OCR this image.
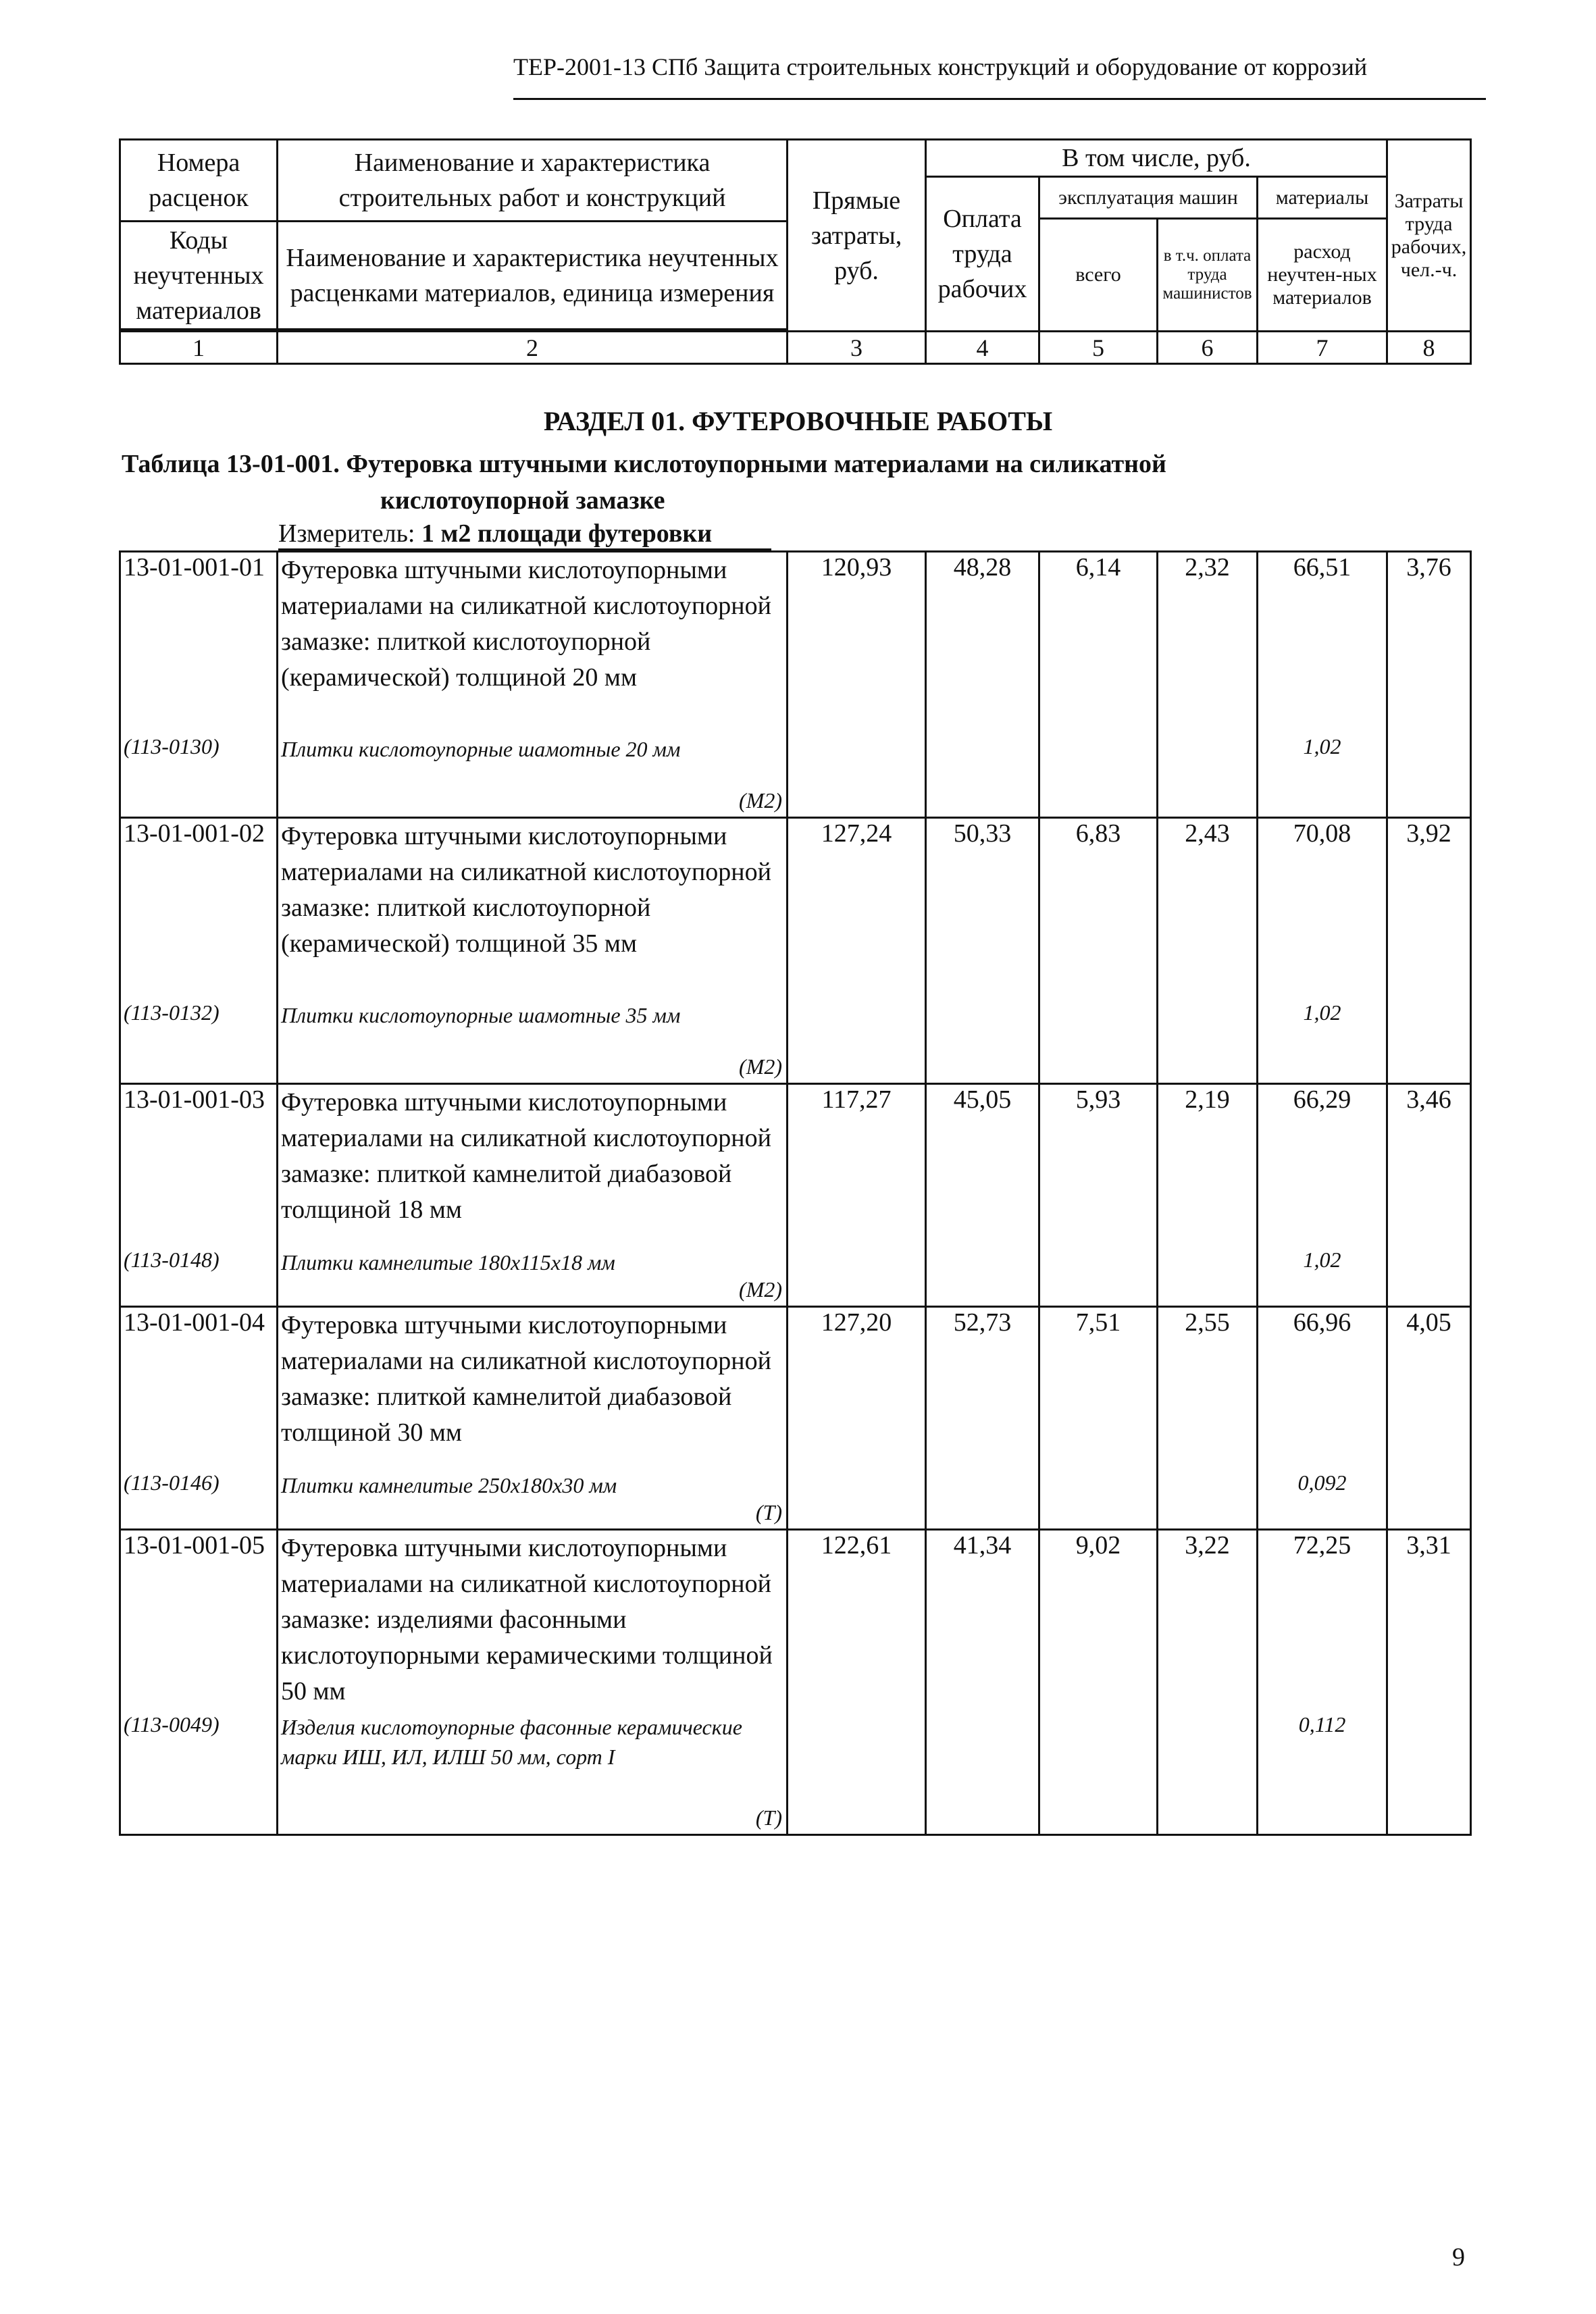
ТЕР-2001-13 СПб Защита строительных конструкций и оборудование от коррозий
Номера расценок	Наименование и характеристика строительных работ и конструкций	Прямые затраты, руб.	В том числе, руб.				Затраты труда рабочих, чел.-ч.
			Оплата труда рабочих	эксплуатация машин		материалы	
				всего	в т.ч. оплата труда машинистов	расход неучтен-ных материалов	
Коды неучтенных материалов	Наименование и характеристика неучтенных расценками материалов, единица измерения						

1	2	3	4	5	6	7	8
РАЗДЕЛ 01. ФУТЕРОВОЧНЫЕ РАБОТЫ
Таблица 13-01-001. Футеровка штучными кислотоупорными материалами на силикатной
кислотоупорной замазке
Измеритель: 1 м2 площади футеровки
13-01-001-01	Футеровка штучными кислотоупорными материалами на силикатной кислотоупорной замазке: плиткой кислотоупорной (керамической) толщиной 20 мм	120,93	48,28	6,14	2,32	66,51	3,76
(113-0130)	Плитки кислотоупорные шамотные 20 мм					1,02	
	(М2)						
13-01-001-02	Футеровка штучными кислотоупорными материалами на силикатной кислотоупорной замазке: плиткой кислотоупорной (керамической) толщиной 35 мм	127,24	50,33	6,83	2,43	70,08	3,92
(113-0132)	Плитки кислотоупорные шамотные 35 мм					1,02	
	(М2)						
13-01-001-03	Футеровка штучными кислотоупорными материалами на силикатной кислотоупорной замазке: плиткой камнелитой диабазовой толщиной 18 мм	117,27	45,05	5,93	2,19	66,29	3,46
(113-0148)	Плитки камнелитые 180x115x18 мм					1,02	
	(М2)						
13-01-001-04	Футеровка штучными кислотоупорными материалами на силикатной кислотоупорной замазке: плиткой камнелитой диабазовой толщиной 30 мм	127,20	52,73	7,51	2,55	66,96	4,05
(113-0146)	Плитки камнелитые 250x180x30 мм					0,092	
	(Т)						
13-01-001-05	Футеровка штучными кислотоупорными материалами на силикатной кислотоупорной замазке: изделиями фасонными кислотоупорными керамическими толщиной 50 мм	122,61	41,34	9,02	3,22	72,25	3,31
(113-0049)	Изделия кислотоупорные фасонные керамические марки ИШ, ИЛ, ИЛШ 50 мм, сорт I					0,112	
	(Т)						
9
